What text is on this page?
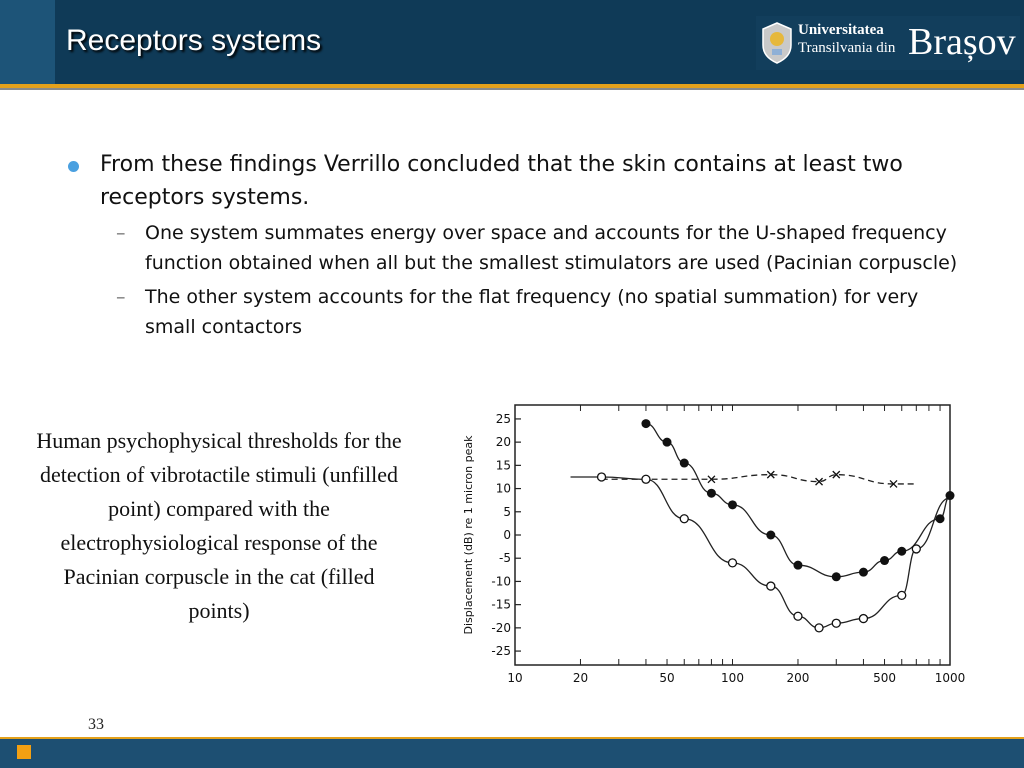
Receptors systems	Universitatea
Transilvania din Brașov
From these findings Verrillo concluded that the skin contains at least two receptors systems.
– One system summates energy over space and accounts for the U-shaped frequency function obtained when all but the smallest stimulators are used (Pacinian corpuscle)
– The other system accounts for the flat frequency (no spatial summation) for very small contactors
Human psychophysical thresholds for the detection of vibrotactile stimuli (unfilled point) compared with the electrophysiological response of the Pacinian corpuscle in the cat (filled points)
25
20
15
10
5
0
-5
-10
-15
-20
-25
10	20	50	100	200	500	1000
Displacement (dB) re 1 micron peak
33
